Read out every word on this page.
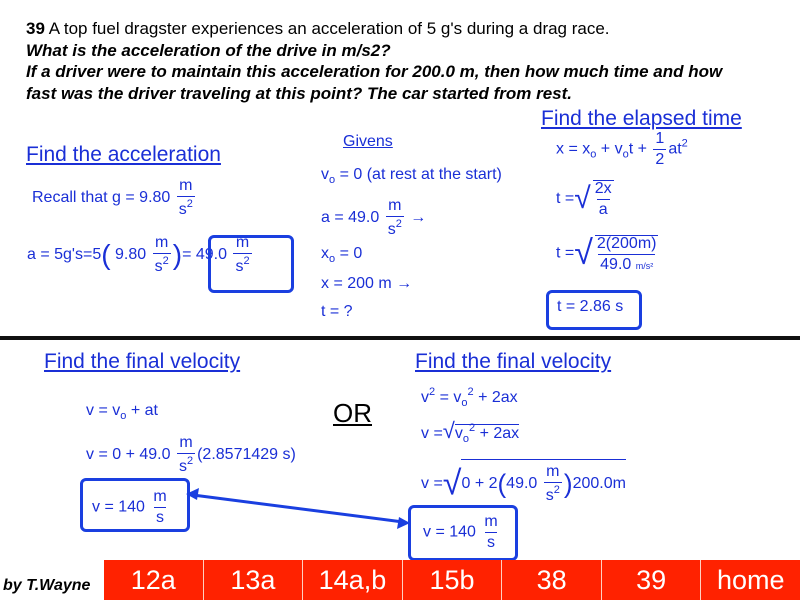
39 A top fuel dragster experiences an acceleration of 5 g's during a drag race.
What is the acceleration of the drive in m/s2?
If a driver were to maintain this acceleration for 200.0 m, then how much time and how
fast was the driver traveling at this point? The car started from rest.
Find the acceleration
Recall that $g = 9.80 \frac{m}{s^2}$
a = 5g's=5( $9.80 \frac{m}{s^2}$ )= $49.0 \frac{m}{s^2}$
Givens
$v_o = 0$ (at rest at the start)
$a = 49.0 \frac{m}{s^2}$ →
$x_o = 0$
x = 200 m →
t = ?
Find the elapsed time
$x = x_o + v_ot + \frac{1}{2} at^2$
t =√ $\frac{2x}{a}$
t =√ $\frac{2(200m)}{\text{49.0 m/s²}}$
t = 2.86 s
Find the final velocity
$v = v_o$ + at
$v = 0 + 49.0 \frac{m}{s^2} (2.8571429$ s)
$v = 140 \frac{m}{s}$
OR
Find the final velocity
$v^2 = v_o^2 + 2ax$
$v =√v_o^2 + 2ax$
$v =√0 + 2(49.0 \frac{m}{s^2} )200.0m$
$v = 140 \frac{m}{s}$
by T.Wayne	12a	13a	14a,b	15b	38	39	home
